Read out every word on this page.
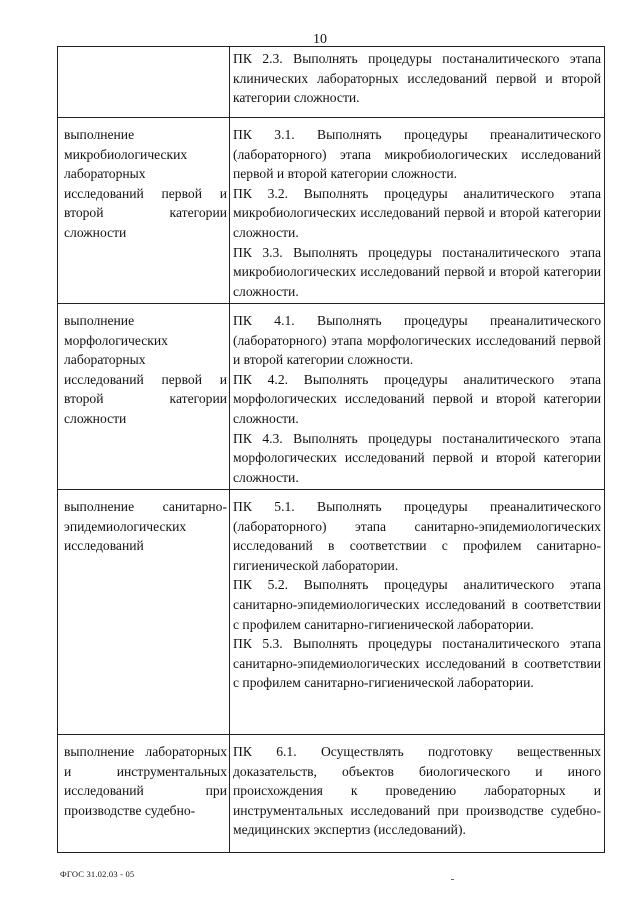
10

	ПК 2.3. Выполнять процедуры постаналитического этапа клинических лабораторных исследований первой и второй категории сложности.

выполнение микробиологических лабораторных исследований первой и второй категории сложности	ПК 3.1. Выполнять процедуры преаналитического (лабораторного) этапа микробиологических исследований первой и второй категории сложности.
ПК 3.2. Выполнять процедуры аналитического этапа микробиологических исследований первой и второй категории сложности.
ПК 3.3. Выполнять процедуры постаналитического этапа микробиологических исследований первой и второй категории сложности.

выполнение морфологических лабораторных исследований первой и второй категории сложности	ПК 4.1. Выполнять процедуры преаналитического (лабораторного) этапа морфологических исследований первой и второй категории сложности.
ПК 4.2. Выполнять процедуры аналитического этапа морфологических исследований первой и второй категории сложности.
ПК 4.3. Выполнять процедуры постаналитического этапа морфологических исследований первой и второй категории сложности.

выполнение санитарно-эпидемиологических исследований	ПК 5.1. Выполнять процедуры преаналитического (лабораторного) этапа санитарно-эпидемиологических исследований в соответствии с профилем санитарно-гигиенической лаборатории.
ПК 5.2. Выполнять процедуры аналитического этапа санитарно-эпидемиологических исследований в соответствии с профилем санитарно-гигиенической лаборатории.
ПК 5.3. Выполнять процедуры постаналитического этапа санитарно-эпидемиологических исследований в соответствии с профилем санитарно-гигиенической лаборатории.

выполнение лабораторных и инструментальных исследований при производстве судебно-	ПК 6.1. Осуществлять подготовку вещественных доказательств, объектов биологического и иного происхождения к проведению лабораторных и инструментальных исследований при производстве судебно-медицинских экспертиз (исследований).
ФГОС 31.02.03 - 05
